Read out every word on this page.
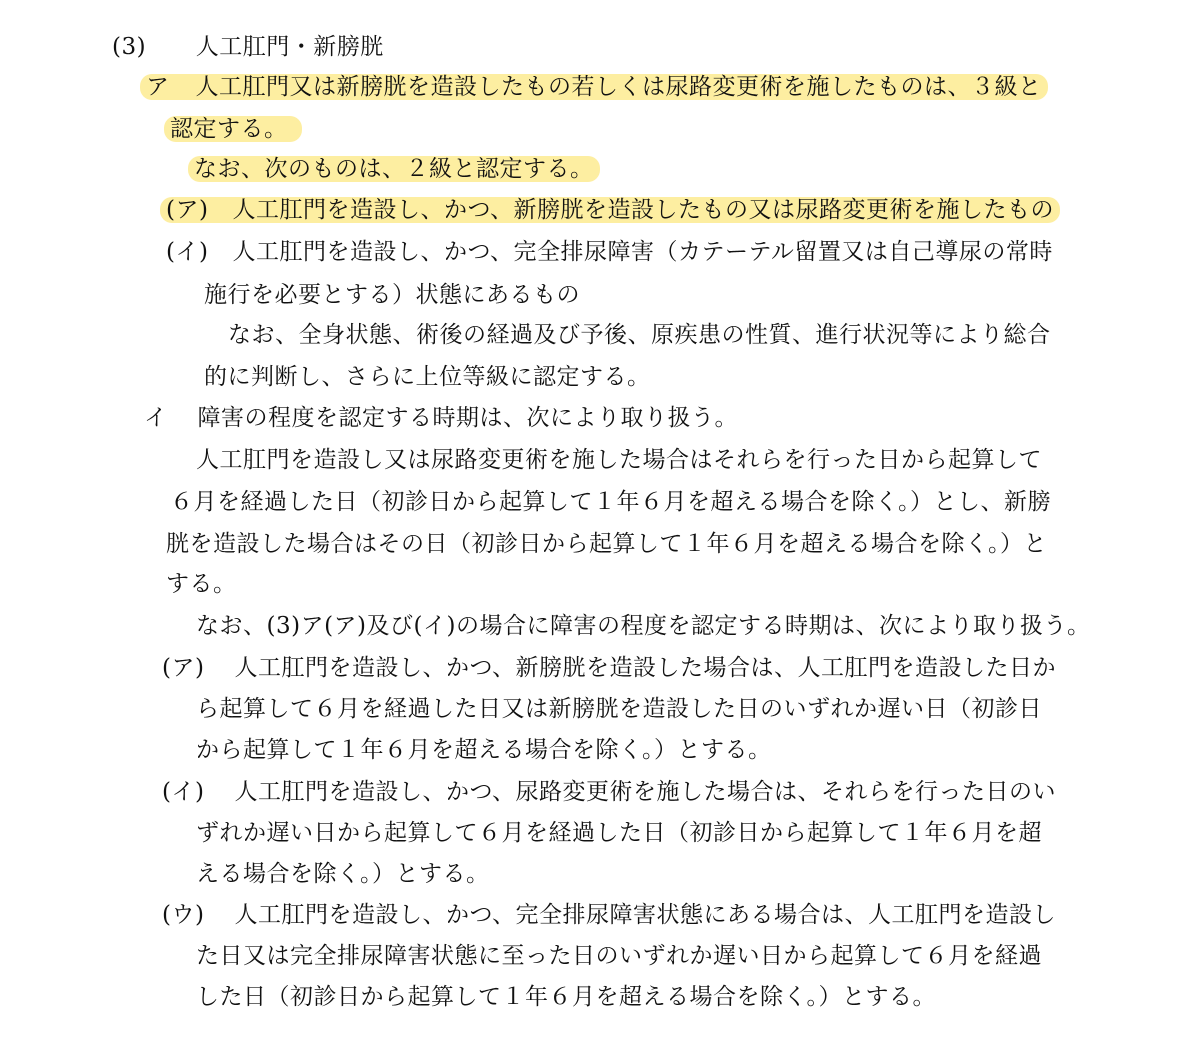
(3) 人工肛門・新膀胱
ア 人工肛門又は新膀胱を造設したもの若しくは尿路変更術を施したものは、３級と
認定する。
なお、次のものは、２級と認定する。
(ア) 人工肛門を造設し、かつ、新膀胱を造設したもの又は尿路変更術を施したもの
(イ) 人工肛門を造設し、かつ、完全排尿障害（カテーテル留置又は自己導尿の常時
施行を必要とする）状態にあるもの
なお、全身状態、術後の経過及び予後、原疾患の性質、進行状況等により総合
的に判断し、さらに上位等級に認定する。
イ 障害の程度を認定する時期は、次により取り扱う。
人工肛門を造設し又は尿路変更術を施した場合はそれらを行った日から起算して
６月を経過した日（初診日から起算して１年６月を超える場合を除く。）とし、新膀
胱を造設した場合はその日（初診日から起算して１年６月を超える場合を除く。）と
する。
なお、(3)ア(ア)及び(イ)の場合に障害の程度を認定する時期は、次により取り扱う。
(ア) 人工肛門を造設し、かつ、新膀胱を造設した場合は、人工肛門を造設した日か
ら起算して６月を経過した日又は新膀胱を造設した日のいずれか遅い日（初診日
から起算して１年６月を超える場合を除く。）とする。
(イ) 人工肛門を造設し、かつ、尿路変更術を施した場合は、それらを行った日のい
ずれか遅い日から起算して６月を経過した日（初診日から起算して１年６月を超
える場合を除く。）とする。
(ウ) 人工肛門を造設し、かつ、完全排尿障害状態にある場合は、人工肛門を造設し
た日又は完全排尿障害状態に至った日のいずれか遅い日から起算して６月を経過
した日（初診日から起算して１年６月を超える場合を除く。）とする。
